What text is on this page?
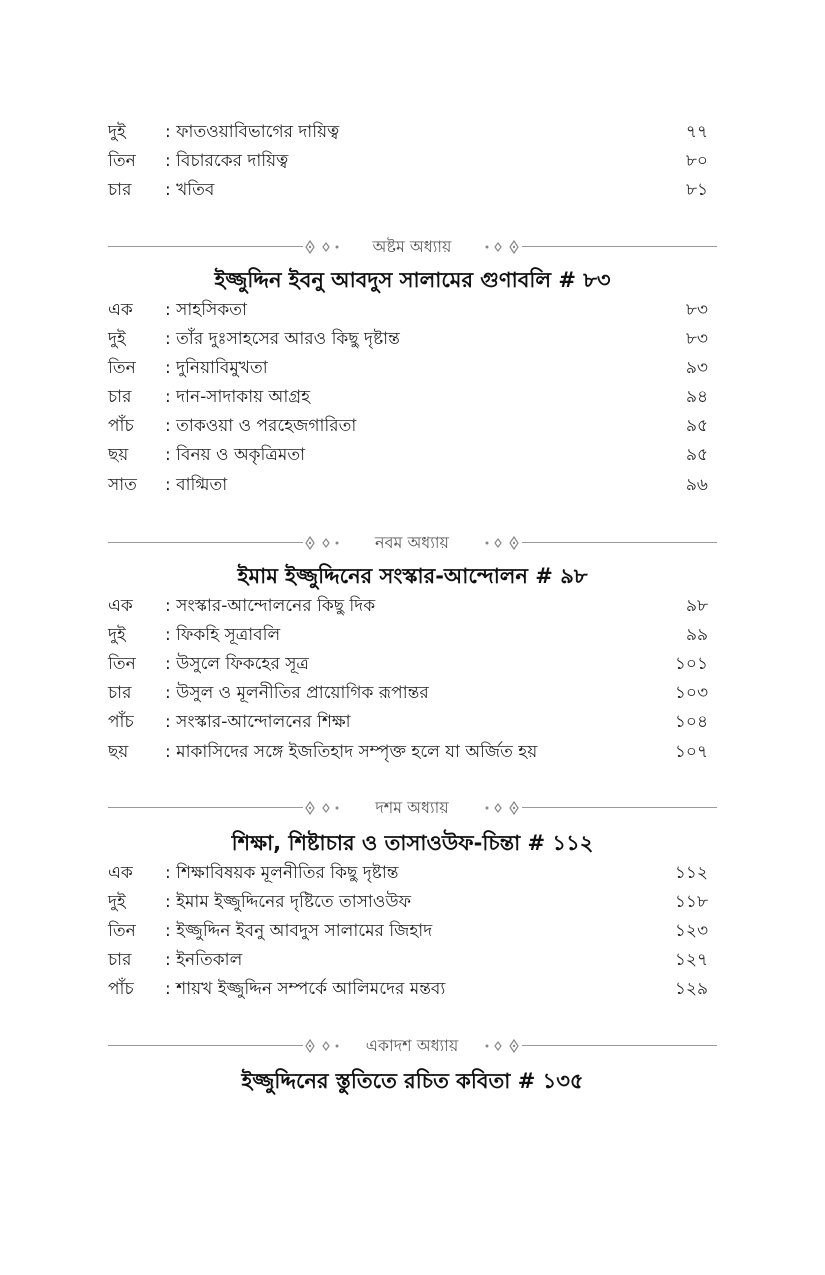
দুই : ফাতওয়াবিভাগের দায়িত্ব	৭৭
তিন : বিচারকের দায়িত্ব	৮০
চার : খতিব	৮১
অষ্টম অধ্যায়
ইজ্জুদ্দিন ইবনু আবদুস সালামের গুণাবলি # ৮৩
এক : সাহসিকতা	৮৩
দুই : তাঁর দুঃসাহসের আরও কিছু দৃষ্টান্ত	৮৩
তিন : দুনিয়াবিমুখতা	৯৩
চার : দান-সাদাকায় আগ্রহ	৯৪
পাঁচ : তাকওয়া ও পরহেজগারিতা	৯৫
ছয় : বিনয় ও অকৃত্রিমতা	৯৫
সাত : বাগ্মিতা	৯৬
নবম অধ্যায়
ইমাম ইজ্জুদ্দিনের সংস্কার-আন্দোলন # ৯৮
এক : সংস্কার-আন্দোলনের কিছু দিক	৯৮
দুই : ফিকহি সূত্রাবলি	৯৯
তিন : উসুলে ফিকহের সূত্র	১০১
চার : উসুল ও মূলনীতির প্রায়োগিক রূপান্তর	১০৩
পাঁচ : সংস্কার-আন্দোলনের শিক্ষা	১০৪
ছয় : মাকাসিদের সঙ্গে ইজতিহাদ সম্পৃক্ত হলে যা অর্জিত হয়	১০৭
দশম অধ্যায়
শিক্ষা, শিষ্টাচার ও তাসাওউফ-চিন্তা # ১১২
এক : শিক্ষাবিষয়ক মূলনীতির কিছু দৃষ্টান্ত	১১২
দুই : ইমাম ইজ্জুদ্দিনের দৃষ্টিতে তাসাওউফ	১১৮
তিন : ইজ্জুদ্দিন ইবনু আবদুস সালামের জিহাদ	১২৩
চার : ইনতিকাল	১২৭
পাঁচ : শায়খ ইজ্জুদ্দিন সম্পর্কে আলিমদের মন্তব্য	১২৯
একাদশ অধ্যায়
ইজ্জুদ্দিনের স্তুতিতে রচিত কবিতা # ১৩৫
